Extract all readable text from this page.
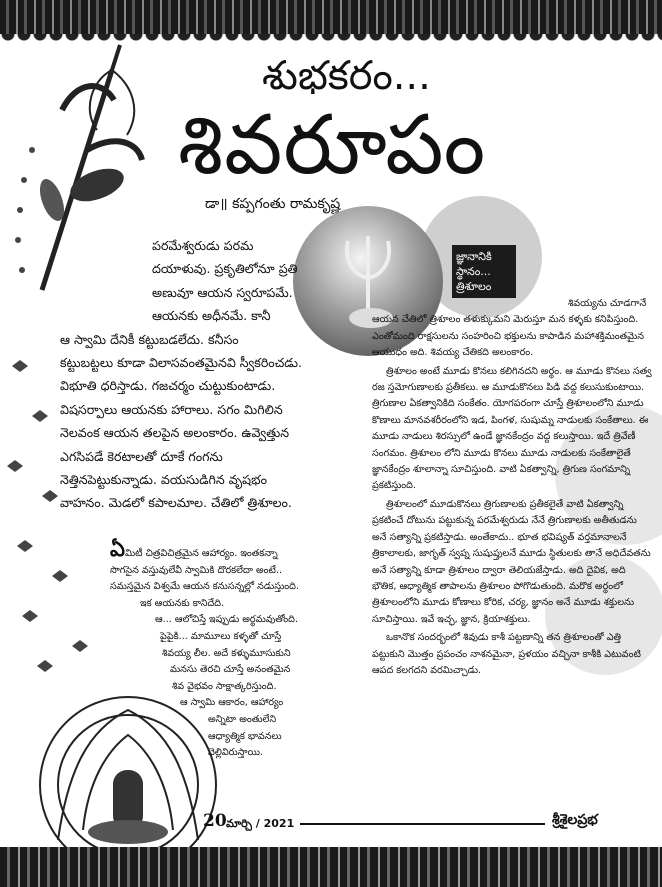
శుభకరం...
శివరూపం
డా॥ కప్పగంతు రామకృష్ణ
జ్ఞానానికి
స్థానం...
త్రిశూలం

పరమేశ్వరుడు పరమ

దయాళువు. ప్రకృతిలోనూ ప్రతి

అణువూ ఆయన స్వరూపమే.

ఆయనకు అధీనమే. కానీ

ఆ స్వామి దేనికీ కట్టుబడలేదు. కనీసం

కట్టుబట్టలు కూడా విలాసవంతమైనవి స్వీకరించడు.

విభూతి ధరిస్తాడు. గజచర్మం చుట్టుకుంటాడు.

విషసర్పాలు ఆయనకు హారాలు. సగం మిగిలిన

నెలవంక ఆయన తలపైన అలంకారం. ఉవ్వెత్తున

ఎగసిపడే కెరటాలతో దూకే గంగను

నెత్తినపెట్టుకున్నాడు. వయసుడిగిన వృషభం

వాహనం. మెడలో కపాలమాల. చేతిలో త్రిశూలం.

ఏమిటీ చిత్రవిచిత్రమైన ఆహార్యం. ఇంతకన్నా

సొగసైన వస్తువులేవీ స్వామికి దొరకలేదా అంటే..

సమస్తమైన విశ్వమే ఆయన కనుసన్నల్లో నడుస్తుంది.

ఇక ఆయనకు కానిదేది.

ఆ... ఆలోచిస్తే ఇప్పుడు అర్థమవుతోంది.

పైపైకి... మామూలు కళ్ళతో చూస్తే

శివయ్య లీల. అదే కళ్ళుమూసుకుని

మనసు తెరచి చూస్తే అనంతమైన

శివ వైభవం సాక్షాత్కరిస్తుంది.

ఆ స్వామి ఆకారం, ఆహార్యం

అన్నిటా అంతులేని

ఆధ్యాత్మిక భావనలు

వెల్లివిరుస్తాయి.

శివయ్యను చూడగానే ఆయన చేతిలో త్రిశూలం తళుక్కుమని మెరుస్తూ మన కళ్ళకు కనిపిస్తుంది. ఎంతోమంది రాక్షసులను సంహరించి భక్తులను కాపాడిన మహాశక్తిమంతమైన ఆయుధం అది. శివయ్య చేతికది అలంకారం.

త్రిశూలం అంటే మూడు కొనలు కలిగినదని అర్థం. ఆ మూడు కొనలు సత్వ రజ స్తమోగుణాలకు ప్రతీకలు. ఆ మూడుకొనలు పిడి వద్ద కలుసుకుంటాయి. త్రిగుణాల ఏకత్వానికిది సంకేతం. యోగపరంగా చూస్తే త్రిశూలంలోని మూడు కొణాలు మానవశరీరంలోని ఇడ, పింగళ, సుషుమ్న నాడులకు సంకేతాలు. ఈ మూడు నాడులు శిరస్సులో ఉండే జ్ఞానకేంద్రం వద్ద కలుస్తాయి. ఇదే త్రివేణీ సంగమం. త్రిశూలం లోని మూడు కొనలు మూడు నాడులకు సంకేతాలైతే జ్ఞానకేంద్రం శూలాన్నా సూచిస్తుంది. వాటి ఏకత్వాన్ని, త్రిగుణ సంగమాన్ని ప్రకటిస్తుంది.

త్రిశూలంలో మూడుకొనలు త్రిగుణాలకు ప్రతీకలైతే వాటి ఏకత్వాన్ని ప్రకటించే దోటును పట్టుకున్న పరమేశ్వరుడు నేనే త్రిగుణాలకు అతీతుడను అనే సత్యాన్ని ప్రకటిస్తాడు. అంతేకాదు.. భూత భవిష్యత్ వర్తమానాలనే త్రికాలాలకు, జాగృత్ స్వప్న సుషుప్తులనే మూడు స్థితులకు తానే అధిదేవతను అనే సత్యాన్ని కూడా త్రిశూలం ద్వారా తెలియజేస్తాడు. అది దైవిక, అది భౌతిక, ఆధ్యాత్మిక తాపాలను త్రిశూలం పోగొడుతుంది. మరొక అర్థంలో త్రిశూలంలోని మూడు కోణాలు కోరిక, చర్య, జ్ఞానం అనే మూడు శక్తులను సూచిస్తాయి. ఇవే ఇచ్ఛ, జ్ఞాన, క్రియాశక్తులు.

ఒకానొక సందర్భంలో శివుడు కాశీ పట్టణాన్ని తన త్రిశూలంతో ఎత్తి పట్టుకుని మొత్తం ప్రపంచం నాశనమైనా, ప్రళయం వచ్చినా కాశీకి ఎటువంటి ఆపద కలగదని వరమిచ్చాడు.

20 మార్చి / 2021	శ్రీశైలప్రభ
